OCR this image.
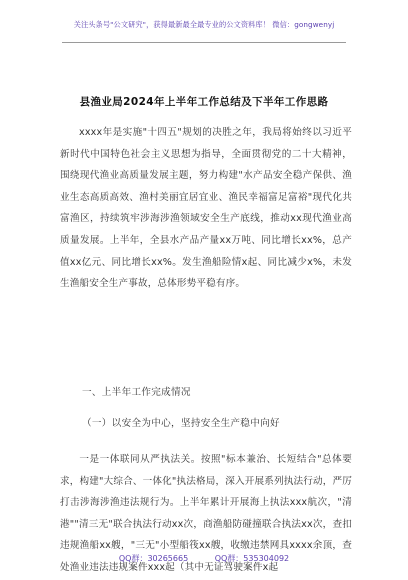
关注头条号"公文研究"，获得最新最全最专业的公文资料库！ 微信：gongwenyj
县渔业局2024年上半年工作总结及下半年工作思路
xxxx年是实施"十四五"规划的决胜之年，我局将始终以习近平新时代中国特色社会主义思想为指导，全面贯彻党的二十大精神，围绕现代渔业高质量发展主题，努力构建"水产品安全稳产保供、渔业生态高质高效、渔村美丽宜居宜业、渔民幸福富足富裕"现代化共富渔区，持续筑牢涉海涉渔领域安全生产底线，推动xx现代渔业高质量发展。上半年，全县水产品产量xx万吨、同比增长xx%，总产值xx亿元、同比增长xx%。发生渔船险情x起、同比减少x%，未发生渔船安全生产事故，总体形势平稳有序。
一、上半年工作完成情况
（一）以安全为中心，坚持安全生产稳中向好
一是一体联同从严执法关。按照"标本兼治、长短结合"总体要求，构建"大综合、一体化"执法格局，深入开展系列执法行动，严厉打击涉海涉渔违法规行为。上半年累计开展海上执法xxx航次，"清港""清三无"联合执法行动xx次，商渔船防碰撞联合执法xx次，查扣违规渔船xx艘，"三无"小型船筏xx艘，收缴违禁网具xxxx余顶，查处渔业违法违规案件xxx起（其中无证驾驶案件x起
QQ群：30265665	QQ群：535304092
